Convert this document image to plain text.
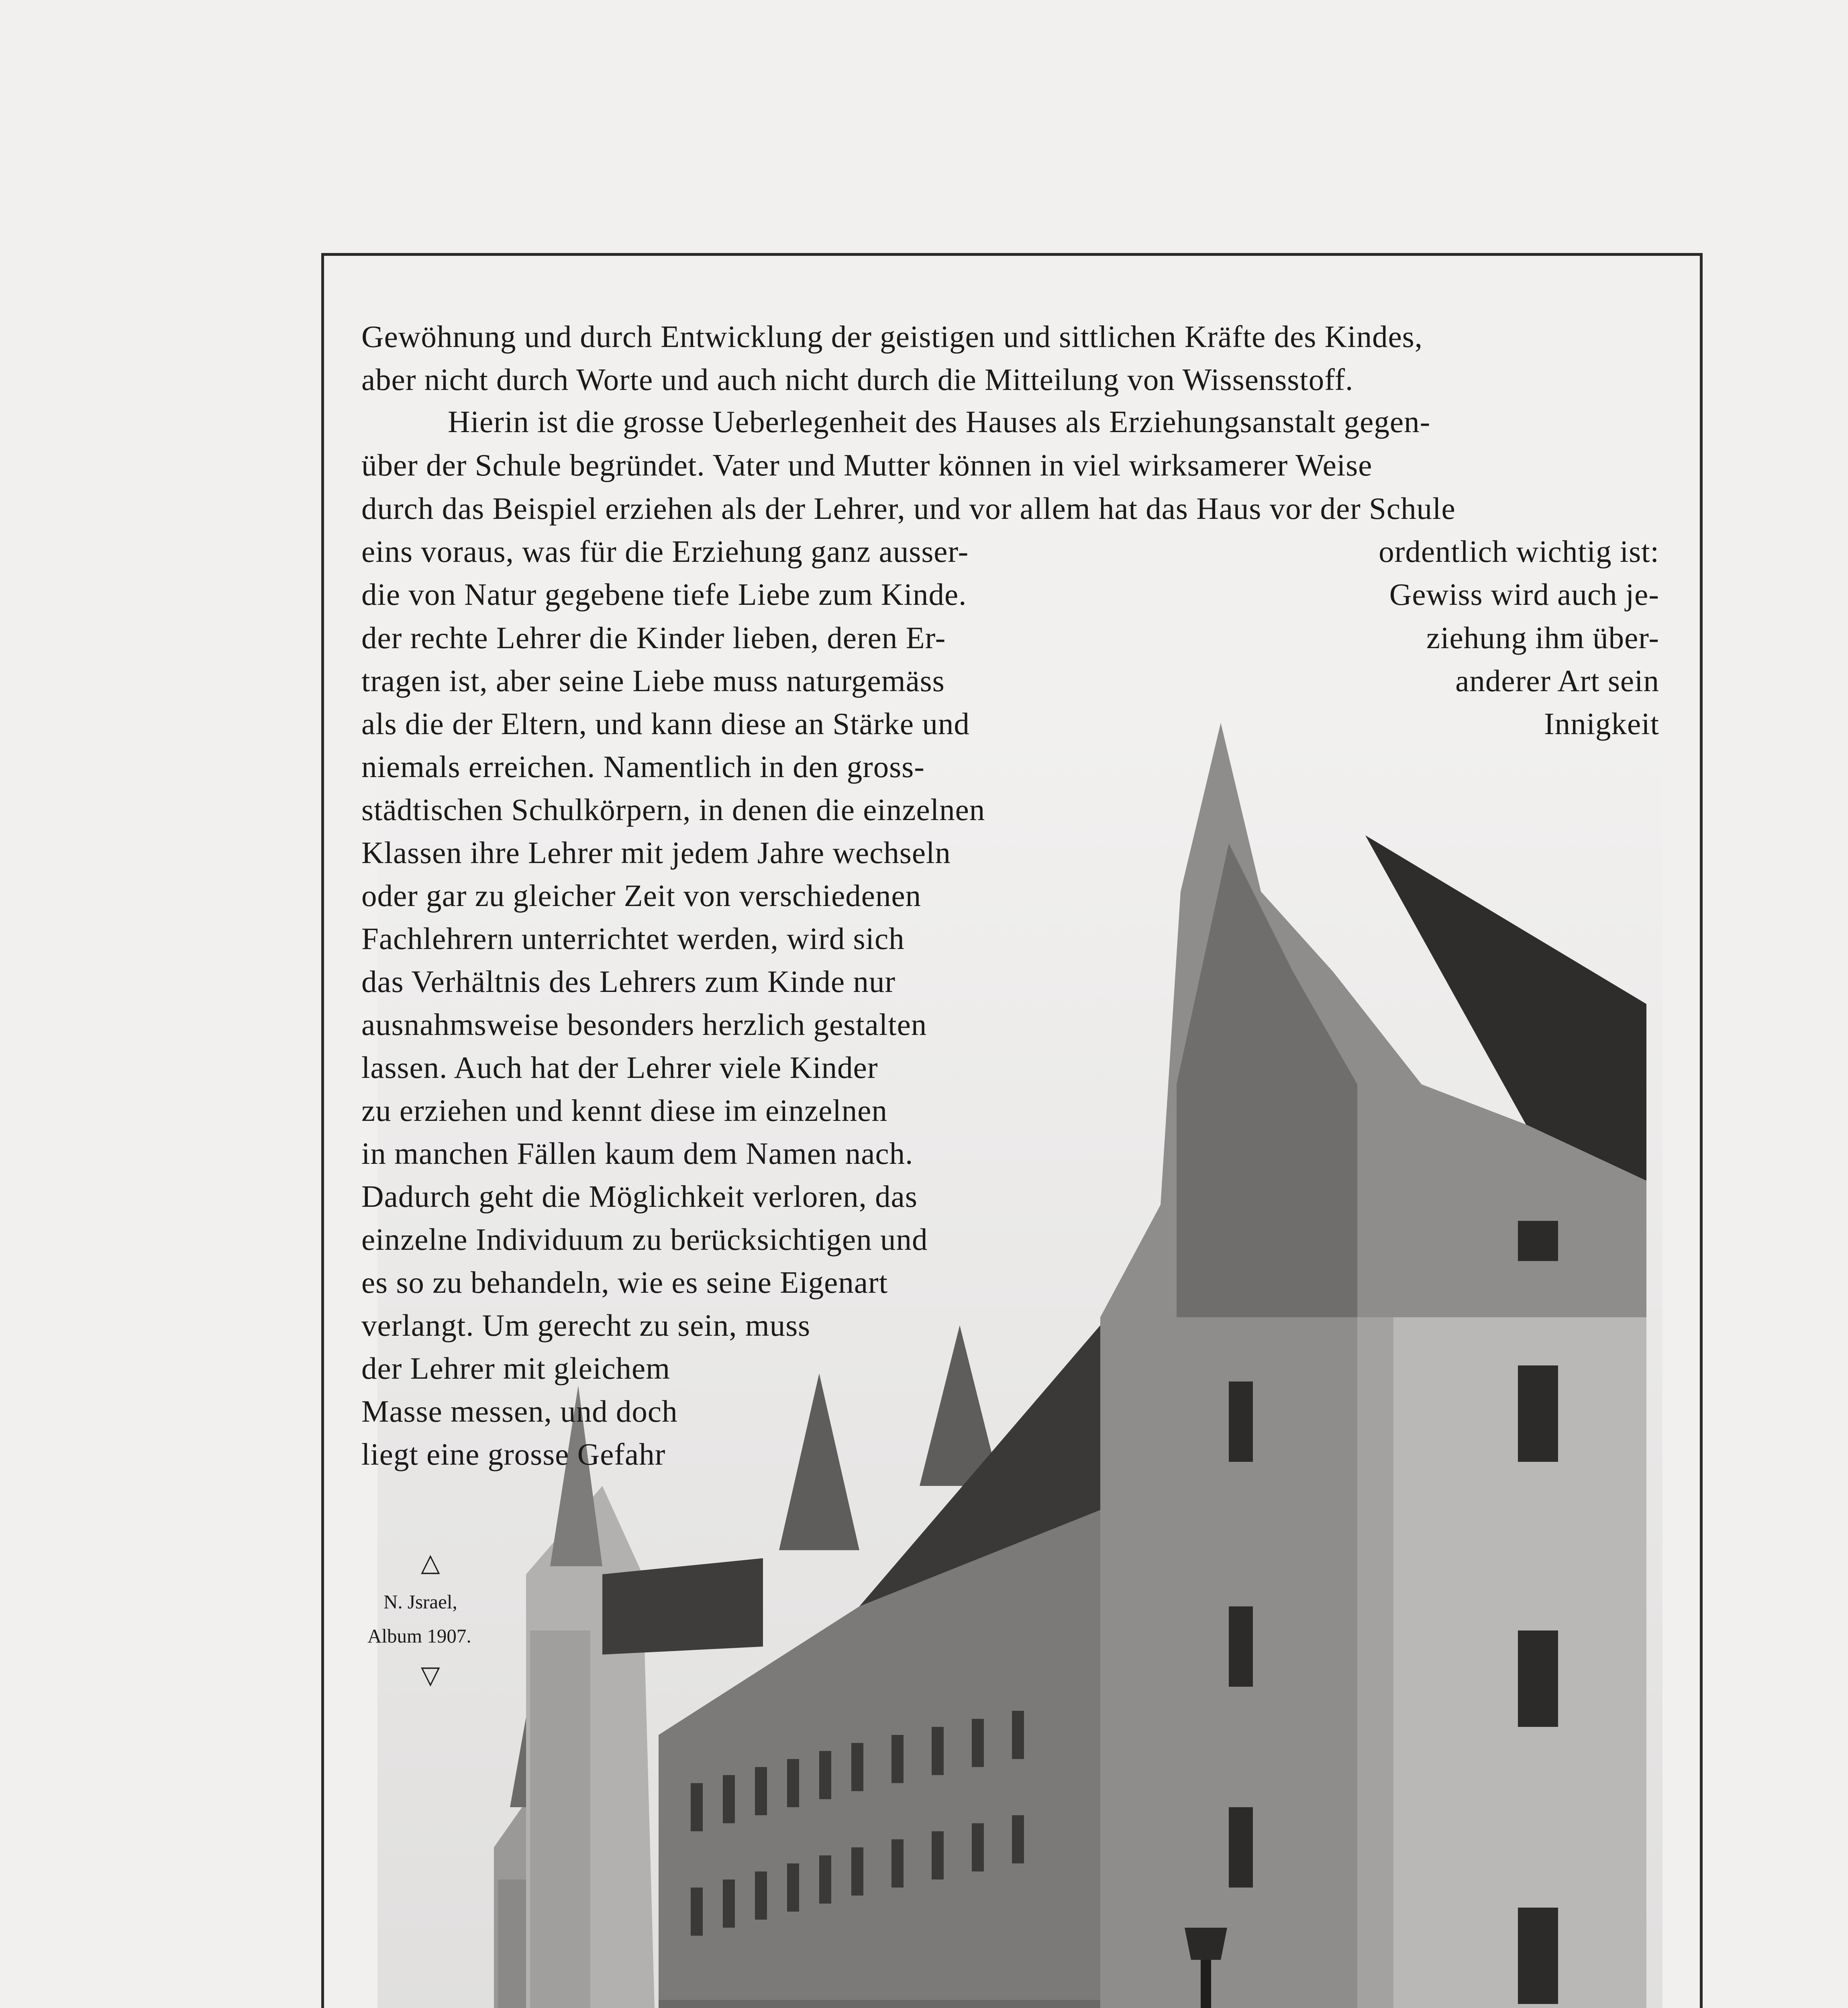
Gewöhnung und durch Entwicklung der geistigen und sittlichen Kräfte des Kindes,
aber nicht durch Worte und auch nicht durch die Mitteilung von Wissensstoff.
Hierin ist die grosse Ueberlegenheit des Hauses als Erziehungsanstalt gegen-
über der Schule begründet. Vater und Mutter können in viel wirksamerer Weise
durch das Beispiel erziehen als der Lehrer, und vor allem hat das Haus vor der Schule
eins voraus, was für die Erziehung ganz ausser-
die von Natur gegebene tiefe Liebe zum Kinde.
der rechte Lehrer die Kinder lieben, deren Er-
tragen ist, aber seine Liebe muss naturgemäss
als die der Eltern, und kann diese an Stärke und
niemals erreichen. Namentlich in den gross-
städtischen Schulkörpern, in denen die einzelnen
Klassen ihre Lehrer mit jedem Jahre wechseln
oder gar zu gleicher Zeit von verschiedenen
Fachlehrern unterrichtet werden, wird sich
das Verhältnis des Lehrers zum Kinde nur
ausnahmsweise besonders herzlich gestalten
lassen. Auch hat der Lehrer viele Kinder
zu erziehen und kennt diese im einzelnen
in manchen Fällen kaum dem Namen nach.
Dadurch geht die Möglichkeit verloren, das
einzelne Individuum zu berücksichtigen und
es so zu behandeln, wie es seine Eigenart
verlangt. Um gerecht zu sein, muss
der Lehrer mit gleichem
Masse messen, und doch
liegt eine grosse Gefahr
ordentlich wichtig ist:
Gewiss wird auch je-
ziehung ihm über-
anderer Art sein
Innigkeit
△
N. Jsrael,
Album 1907.
▽
